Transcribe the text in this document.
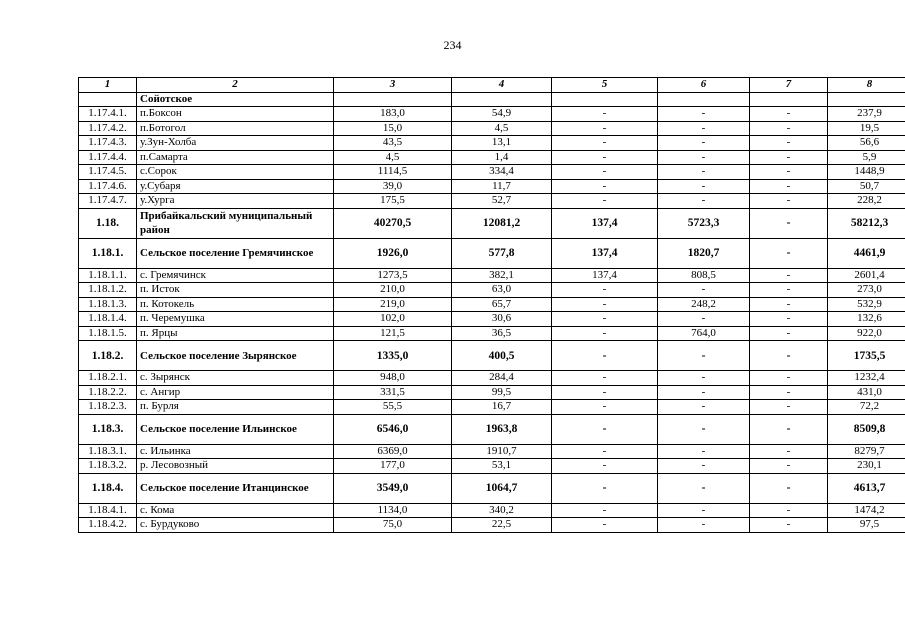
234
1	2	3	4	5	6	7	8
	Сойотское						
1.17.4.1.	п.Боксон	183,0	54,9	-	-	-	237,9
1.17.4.2.	п.Ботогол	15,0	4,5	-	-	-	19,5
1.17.4.3.	у.Зун-Холба	43,5	13,1	-	-	-	56,6
1.17.4.4.	п.Самарта	4,5	1,4	-	-	-	5,9
1.17.4.5.	с.Сорок	1114,5	334,4	-	-	-	1448,9
1.17.4.6.	у.Субаря	39,0	11,7	-	-	-	50,7
1.17.4.7.	у.Хурга	175,5	52,7	-	-	-	228,2
1.18.	Прибайкальский муниципальный район	40270,5	12081,2	137,4	5723,3	-	58212,3
1.18.1.	Сельское поселение Гремячинское	1926,0	577,8	137,4	1820,7	-	4461,9
1.18.1.1.	с. Гремячинск	1273,5	382,1	137,4	808,5	-	2601,4
1.18.1.2.	п. Исток	210,0	63,0	-	-	-	273,0
1.18.1.3.	п. Котокель	219,0	65,7	-	248,2	-	532,9
1.18.1.4.	п. Черемушка	102,0	30,6	-	-	-	132,6
1.18.1.5.	п. Ярцы	121,5	36,5	-	764,0	-	922,0
1.18.2.	Сельское поселение Зырянское	1335,0	400,5	-	-	-	1735,5
1.18.2.1.	с. Зырянск	948,0	284,4	-	-	-	1232,4
1.18.2.2.	с. Ангир	331,5	99,5	-	-	-	431,0
1.18.2.3.	п. Бурля	55,5	16,7	-	-	-	72,2
1.18.3.	Сельское поселение Ильинское	6546,0	1963,8	-	-	-	8509,8
1.18.3.1.	с. Ильинка	6369,0	1910,7	-	-	-	8279,7
1.18.3.2.	р. Лесовозный	177,0	53,1	-	-	-	230,1
1.18.4.	Сельское поселение Итанцинское	3549,0	1064,7	-	-	-	4613,7
1.18.4.1.	с. Кома	1134,0	340,2	-	-	-	1474,2
1.18.4.2.	с. Бурдуково	75,0	22,5	-	-	-	97,5
